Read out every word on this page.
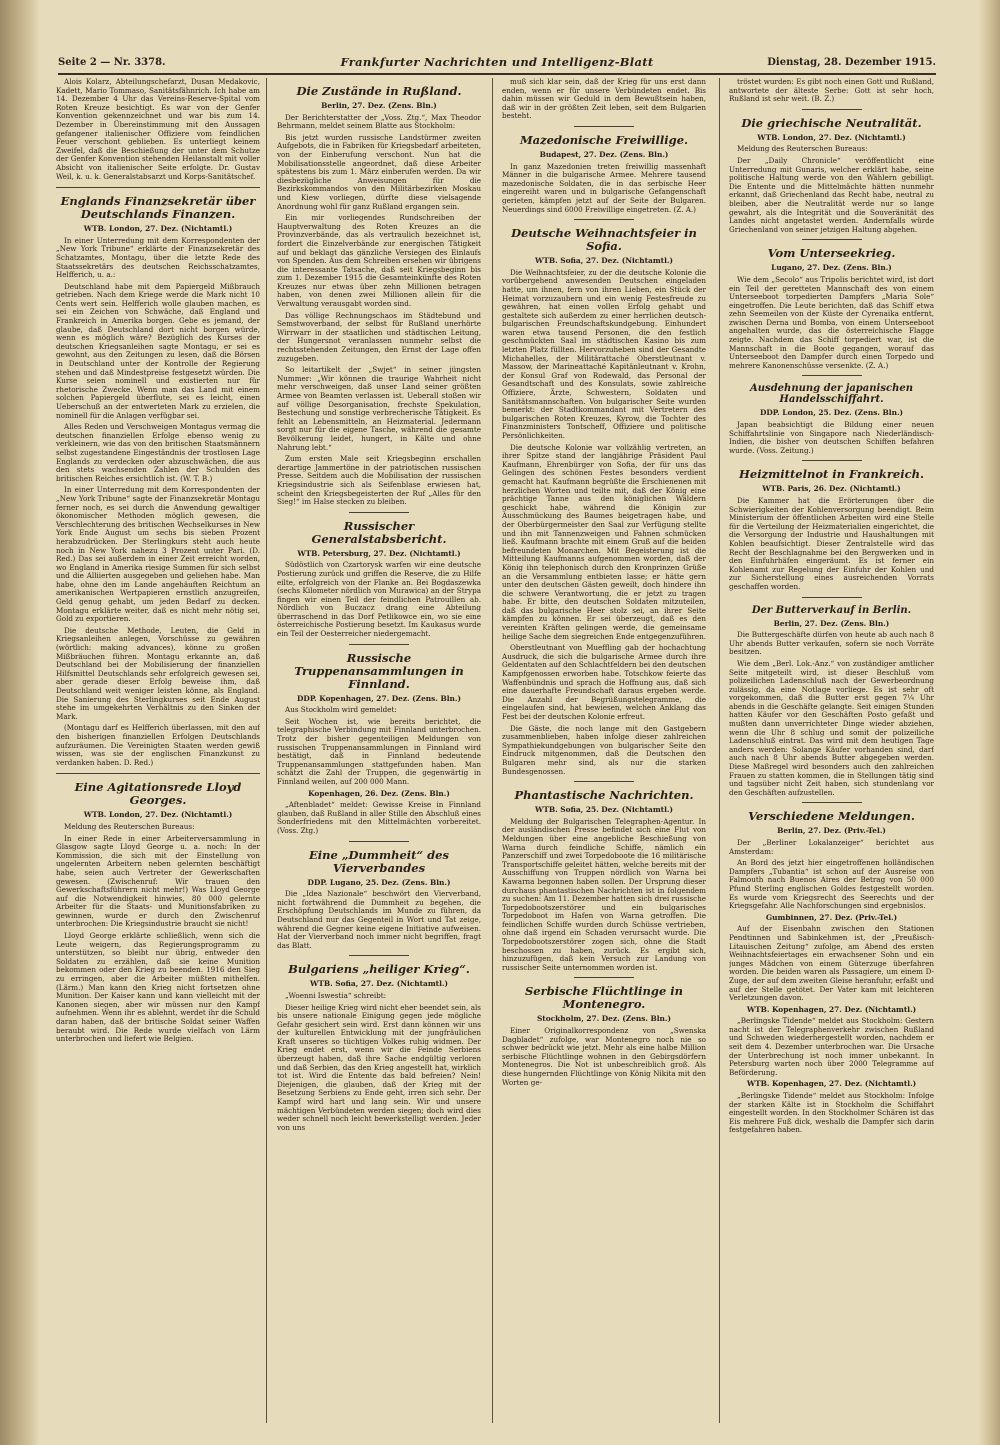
Seite 2 — Nr. 3378.	Frankfurter Nachrichten und Intelligenz-Blatt	Dienstag, 28. Dezember 1915.

Alois Kolarz, Abteilungschefarzt, Dusan Medakovic, Kadett, Mario Tommaso, Sanitätsfähnrich. Ich habe am 14. Dezember 4 Uhr das Vereins-Reserve-Spital vom Roten Kreuze besichtigt. Es war von der Genfer Konvention gekennzeichnet und war bis zum 14. Dezember in Übereinstimmung mit den Aussagen gefangener italienischer Offiziere vom feindlichen Feuer verschont geblieben. Es unterliegt keinem Zweifel, daß die Beschießung der unter dem Schutze der Genfer Konvention stehenden Heilanstalt mit voller Absicht von italienischer Seite erfolgte. Dr. Gustav Weil, k. u. k. Generalstabsarzt und Korps-Sanitätschef.

Englands Finanzsekretär über Deutschlands Finanzen.
WTB. London, 27. Dez. (Nichtamtl.)

In einer Unterredung mit dem Korrespondenten der „New York Tribune“ erklärte der Finanzsekretär des Schatzamtes, Montagu, über die letzte Rede des Staatssekretärs des deutschen Reichsschatzamtes, Helfferich, u. a.:

Deutschland habe mit dem Papiergeld Mißbrauch getrieben. Nach dem Kriege werde die Mark nicht 10 Cents wert sein. Helfferich wolle glauben machen, es sei ein Zeichen von Schwäche, daß England und Frankreich in Amerika borgen. Gebe es jemand, der glaube, daß Deutschland dort nicht borgen würde, wenn es möglich wäre? Bezüglich des Kurses der deutschen Kriegsanleihen sagte Montagu, er sei es gewohnt, aus den Zeitungen zu lesen, daß die Börsen in Deutschland unter der Kontrolle der Regierung stehen und daß Mindestpreise festgesetzt würden. Die Kurse seien nominell und existierten nur für rhetorische Zwecke. Wenn man das Land mit einem solchen Papiergeld überflute, sei es leicht, einen Ueberschuß an der entwerteten Mark zu erzielen, die nominell für die Anlagen verfügbar sei.

Alles Reden und Verschweigen Montagus vermag die deutschen finanziellen Erfolge ebenso wenig zu verkleinern, wie das von den britischen Staatsmännern selbst zugestandene Eingeständnis der trostlosen Lage Englands zu verdecken oder abzuschwächen, die aus den stets wachsenden Zahlen der Schulden des britischen Reiches ersichtlich ist. (W. T. B.)

In einer Unterredung mit dem Korrespondenten der „New York Tribune“ sagte der Finanzsekretär Montagu ferner noch, es sei durch die Anwendung gewaltiger ökonomischer Methoden möglich gewesen, die Verschlechterung des britischen Wechselkurses in New York Ende August um sechs bis sieben Prozent herabzudrücken. Der Sterlingkurs steht auch heute noch in New York nahezu 3 Prozent unter Pari. (D. Red.) Das sei außerdem in einer Zeit erreicht worden, wo England in Amerika riesige Summen für sich selbst und die Alliierten ausgegeben und geliehen habe. Man habe, ohne den im Lande angehäuften Reichtum an amerikanischen Wertpapieren ernstlich anzugreifen, Geld genug gehabt, um jeden Bedarf zu decken. Montagu erklärte weiter, daß es nicht mehr nötig sei, Gold zu exportieren.

Die deutsche Methode, Leuten, die Geld in Kriegsanleihen anlegen, Vorschüsse zu gewähren (wörtlich: making advances), könne zu großen Mißbräuchen führen. Montagu erkannte an, daß Deutschland bei der Mobilisierung der finanziellen Hilfsmittel Deutschlands sehr erfolgreich gewesen sei, aber gerade dieser Erfolg beweise ihm, daß Deutschland weit weniger leisten könne, als England. Die Sanierung des Sterlingkurses seit Ende August stehe im umgekehrten Verhältnis zu den Sinken der Mark.

(Montagu darf es Helfferich überlassen, mit den auf den bisherigen finanziellen Erfolgen Deutschlands aufzuräumen. Die Vereinigten Staaten werden gewiß wissen, was sie der englischen Finanzkunst zu verdanken haben. D. Red.)

Eine Agitationsrede Lloyd Georges.
WTB. London, 27. Dez. (Nichtamtl.)

Meldung des Reuterschen Bureaus:

In einer Rede in einer Arbeiterversammlung in Glasgow sagte Lloyd George u. a. noch: In der Kommission, die sich mit der Einstellung von ungelernten Arbeitern neben gelernten beschäftigt habe, seien auch Vertreter der Gewerkschaften gewesen. (Zwischenruf: Wir trauen den Gewerkschaftsführern nicht mehr!) Was Lloyd George auf die Notwendigkeit hinwies, 80 000 gelernte Arbeiter für die Staats- und Munitionsfabriken zu gewinnen, wurde er durch den Zwischenruf unterbrochen: Die Kriegsindustrie braucht sie nicht!

Lloyd George erklärte schließlich, wenn sich die Leute weigern, das Regierungsprogramm zu unterstützen, so bleibt nur übrig, entweder den Soldaten zu erzählen, daß sie keine Munition bekommen oder den Krieg zu beenden. 1916 den Sieg zu erringen, aber die Arbeiter müßten mithelfen. (Lärm.) Man kann den Krieg nicht fortsetzen ohne Munition. Der Kaiser kann und kann vielleicht mit der Kanonen siegen, aber wir müssen nur den Kampf aufnehmen. Wenn ihr es ablehnt, werdet ihr die Schuld daran haben, daß der britische Soldat seiner Waffen beraubt wird. Die Rede wurde vielfach von Lärm unterbrochen und liefert wie Belgien.

Die Zustände in Rußland.
Berlin, 27. Dez. (Zens. Bln.)

Der Berichterstatter der „Voss. Ztg.“, Max Theodor Behrmann, meldet seinem Blatte aus Stockholm:

Bis jetzt wurden russische Landstürmer zweiten Aufgebots, die in Fabriken für Kriegsbedarf arbeiteten, von der Einberufung verschont. Nun hat die Mobilisationsstelle angeordnet, daß diese Arbeiter spätestens bis zum 1. März einberufen werden. Da wir diesbezügliche Anweisungen für die Bezirkskommandos von den Militärbezirken Moskau und Kiew vorliegen, dürfte diese vielsagende Anordnung wohl für ganz Rußland ergangen sein.

Ein mir vorliegendes Rundschreiben der Hauptverwaltung des Roten Kreuzes an die Provinzverbände, das als vertraulich bezeichnet ist, fordert die Einzelverbände zur energischen Tätigkeit auf und beklagt das gänzliche Versiegen des Einlaufs von Spenden. Aus dem Schreiben ersehen wir übrigens die interessante Tatsache, daß seit Kriegsbeginn bis zum 1. Dezember 1915 die Gesamteinkünfte des Roten Kreuzes nur etwas über zehn Millionen betragen haben, von denen zwei Millionen allein für die Verwaltung verausgabt worden sind.

Das völlige Rechnungschaos im Städtebund und Semstwoverband, der selbst für Rußland unerhörte Wirrwarr in der staatlichen und städtischen Leitung, der Hungersnot veranlassen nunmehr selbst die rechtsstehenden Zeitungen, den Ernst der Lage offen zuzugeben.

So leitartikelt der „Swjet“ in seiner jüngsten Nummer: „Wir können die traurige Wahrheit nicht mehr verschweigen, daß unser Land seiner größten Armee von Beamten verlassen ist. Ueberall stoßen wir auf völlige Desorganisation, frechste Spekulation, Bestechung und sonstige verbrecherische Tätigkeit. Es fehlt an Lebensmitteln, an Heizmaterial. Jedermann sorgt nur für die eigene Tasche, während die gesamte Bevölkerung leidet, hungert, in Kälte und ohne Nahrung lebt.“

Zum ersten Male seit Kriegsbeginn erschallen derartige Jammertöne in der patriotischen russischen Presse. Seitdem auch die Mobilisation der russischen Kriegsindustrie sich als Seifenblase erwiesen hat, scheint den Kriegsbegeisterten der Ruf „Alles für den Sieg!“ im Halse stecken zu bleiben.

Russischer Generalstabsbericht.
WTB. Petersburg, 27. Dez. (Nichtamtl.)

Südöstlich von Czartorysk warfen wir eine deutsche Postierung zurück und griffen die Reserve, die zu Hilfe eilte, erfolgreich von der Flanke an. Bei Bogdaszewka (sechs Kilometer nördlich von Murawica) an der Strypa fingen wir einen Teil der feindlichen Patrouillen ab. Nördlich von Buczacz drang eine Abteilung überraschend in das Dorf Petlikowce ein, wo sie eine österreichische Postierung besetzt. Im Kaukasus wurde ein Teil der Oesterreicher niedergemacht.

Russische Truppenansammlungen in Finnland.
DDP. Kopenhagen, 27. Dez. (Zens. Bln.)

Aus Stockholm wird gemeldet:

Seit Wochen ist, wie bereits berichtet, die telegraphische Verbindung mit Finnland unterbrochen. Trotz der bisher gegenteiligen Meldungen von russischen Truppenansammlungen in Finnland wird bestätigt, daß in Finnland bedeutende Truppenansammlungen stattgefunden haben. Man schätzt die Zahl der Truppen, die gegenwärtig in Finnland weilen, auf 200 000 Mann.

Kopenhagen, 26. Dez. (Zens. Bln.)

„Aftenbladet“ meldet: Gewisse Kreise in Finnland glauben, daß Rußland in aller Stille den Abschluß eines Sonderfriedens mit den Mittelmächten vorbereitet. (Voss. Ztg.)

Eine „Dummheit“ des Vierverbandes
DDP. Lugano, 25. Dez. (Zens. Bln.)

Die „Idea Nazionale“ beschwört den Vierverband, nicht fortwährend die Dummheit zu begehen, die Erschöpfung Deutschlands im Munde zu führen, da Deutschland nur das Gegenteil in Wort und Tat zeige, während die Gegner keine eigene Initiative aufweisen. Hat der Vierverband noch immer nicht begriffen, fragt das Blatt.

Bulgariens „heiliger Krieg“.
WTB. Sofia, 27. Dez. (Nichtamtl.)

„Woenni Iswestia“ schreibt:

Dieser heilige Krieg wird nicht eher beendet sein, als bis unsere nationale Einigung gegen jede mögliche Gefahr gesichert sein wird. Erst dann können wir uns der kulturellen Entwicklung mit der jungfräulichen Kraft unseres so tüchtigen Volkes ruhig widmen. Der Krieg endet erst, wenn wir die Feinde Serbiens überzeugt haben, daß ihre Sache endgültig verloren und daß Serbien, das den Krieg angestellt hat, wirklich tot ist. Wird die Entente das bald befreien? Nein! Diejenigen, die glauben, daß der Krieg mit der Besetzung Serbiens zu Ende geht, irren sich sehr. Der Kampf wird hart und lang sein. Wir und unsere mächtigen Verbündeten werden siegen; doch wird dies weder schnell noch leicht bewerkstelligt werden. Jeder von uns

muß sich klar sein, daß der Krieg für uns erst dann enden, wenn er für unsere Verbündeten endet. Bis dahin müssen wir Geduld in dem Bewußtsein haben, daß wir in der größten Zeit leben, seit dem Bulgarien besteht.

Mazedonische Freiwillige.
Budapest, 27. Dez. (Zens. Bln.)

In ganz Mazedonien treten freiwillig massenhaft Männer in die bulgarische Armee. Mehrere tausend mazedonische Soldaten, die in das serbische Heer eingereiht waren und in bulgarische Gefangenschaft gerieten, kämpfen jetzt auf der Seite der Bulgaren. Neuerdings sind 6000 Freiwillige eingetreten. (Z. A.)

Deutsche Weihnachtsfeier in Sofia.
WTB. Sofia, 27. Dez. (Nichtamtl.)

Die Weihnachtsfeier, zu der die deutsche Kolonie die vorübergehend anwesenden Deutschen eingeladen hatte, um ihnen, fern von ihren Lieben, ein Stück der Heimat vorzuzaubern und ein wenig Festesfreude zu gewähren, hat einen vollen Erfolg gehabt und gestaltete sich außerdem zu einer herrlichen deutsch-bulgarischen Freundschaftskundgebung. Einhundert waren etwa tausend Personen, die den festlich geschmückten Saal im städtischen Kasino bis zum letzten Platz füllten. Hervorzuheben sind der Gesandte Michahelles, der Militärattaché Oberstleutnant v. Massow, der Marineattaché Kapitänleutnant v. Krohn, der Konsul Graf von Rodewald, das Personal der Gesandtschaft und des Konsulats, sowie zahlreiche Offiziere, Ärzte, Schwestern, Soldaten und Sanitätsmannschaften. Von bulgarischer Seite wurden bemerkt: der Stadtkommandant mit Vertretern des bulgarischen Roten Kreuzes, Kyrow, die Tochter des Finanzministers Tontscheff, Offiziere und politische Persönlichkeiten.

Die deutsche Kolonie war vollzählig vertreten, an ihrer Spitze stand der langjährige Präsident Paul Kaufmann, Ehrenbürger von Sofia, der für uns das Gelingen des schönen Festes besonders verdient gemacht hat. Kaufmann begrüßte die Erschienenen mit herzlichen Worten und teilte mit, daß der König eine prächtige Tanne aus den königlichen Wäldern geschickt habe, während die Königin zur Ausschmückung des Baumes beigetragen habe, und der Oberbürgermeister den Saal zur Verfügung stellte und ihn mit Tannenzweigen und Fahnen schmücken ließ. Kaufmann brachte mit einem Gruß auf die beiden befreundeten Monarchen. Mit Begeisterung ist die Mitteilung Kaufmanns aufgenommen worden, daß der König ihn telephonisch durch den Kronprinzen Grüße an die Versammlung entbieten lasse; er hätte gern unter den deutschen Gästen geweilt, doch hindere ihn die schwere Verantwortung, die er jetzt zu tragen habe. Er bitte, den deutschen Soldaten mitzuteilen, daß das bulgarische Heer stolz sei, an ihrer Seite kämpfen zu können. Er sei überzeugt, daß es den vereinten Kräften gelingen werde, die gemeinsame heilige Sache dem siegreichen Ende entgegenzuführen.

Oberstleutnant von Mueffling gab der hochachtung Ausdruck, die sich die bulgarische Armee durch ihre Geldentaten auf den Schlachtfeldern bei den deutschen Kampfgenossen erworben habe. Totschkow feierte das Waffenbündnis und sprach die Hoffnung aus, daß sich eine dauerhafte Freundschaft daraus ergeben werde. Die Anzahl der Begrüßungstelegramme, die eingelaufen sind, hat bewiesen, welchen Anklang das Fest bei der deutschen Kolonie erfreut.

Die Gäste, die noch lange mit den Gastgebern zusammenblieben, haben infolge dieser zahlreichen Sympathiekundgebungen von bulgarischer Seite den Eindruck mitgenommen, daß die Deutschen den Bulgaren mehr sind, als nur die starken Bundesgenossen.

Phantastische Nachrichten.
WTB. Sofia, 25. Dez. (Nichtamtl.)

Meldung der Bulgarischen Telegraphen-Agentur. In der ausländischen Presse befindet sich eine Flut von Meldungen über eine angebliche Beschießung von Warna durch feindliche Schiffe, nämlich ein Panzerschiff und zwei Torpedoboote die 16 militärische Transportschiffe geleitet hätten, welche bereits mit der Ausschiffung von Truppen nördlich von Warna bei Kawarna begonnen haben sollen. Der Ursprung dieser durchaus phantastischen Nachrichten ist in folgendem zu suchen: Am 11. Dezember hatten sich drei russische Torpedobootszerstörer und ein bulgarisches Torpedoboot im Hafen von Warna getroffen. Die feindlichen Schiffe wurden durch Schüsse vertrieben, ohne daß irgend ein Schaden verursacht wurde. Die Torpedobootszerstörer zogen sich, ohne die Stadt beschossen zu haben, zurück. Es ergibt sich, hinzuzufügen, daß kein Versuch zur Landung von russischer Seite unternommen worden ist.

Serbische Flüchtlinge in Montenegro.
Stockholm, 27. Dez. (Zens. Bln.)

Einer Originalkorrespondenz von „Swenska Dagbladet“ zufolge, war Montenegro noch nie so schwer bedrückt wie jetzt. Mehr als eine halbe Million serbische Flüchtlinge wohnen in den Gebirgsdörfern Montenegros. Die Not ist unbeschreiblich groß. Als diese hungernden Flüchtlinge von König Nikita mit den Worten ge-

tröstet wurden: Es gibt noch einen Gott und Rußland, antwortete der älteste Serbe: Gott ist sehr hoch, Rußland ist sehr weit. (B. Z.)

Die griechische Neutralität.
WTB. London, 27. Dez. (Nichtamtl.)

Meldung des Reuterschen Bureaus:

Der „Daily Chronicle“ veröffentlicht eine Unterredung mit Gunaris, welcher erklärt habe, seine politische Haltung werde von den Wählern gebilligt. Die Entente und die Mittelmächte hätten nunmehr erkannt, daß Griechenland das Recht habe, neutral zu bleiben, aber die Neutralität werde nur so lange gewahrt, als die Integrität und die Souveränität des Landes nicht angetastet werden. Andernfalls würde Griechenland von seiner jetzigen Haltung abgehen.

Vom Unterseekrieg.
Lugano, 27. Dez. (Zens. Bln.)

Wie dem „Secolo“ aus Tripolis berichtet wird, ist dort ein Teil der geretteten Mannschaft des von einem Unterseeboot torpedierten Dampfers „Maria Sole“ eingetroffen. Die Leute berichten, daß das Schiff etwa zehn Seemeilen von der Küste der Cyrenaika entfernt, zwischen Derna und Bomba, von einem Unterseeboot angehalten wurde, das die österreichische Flagge zeigte. Nachdem das Schiff torpediert war, ist die Mannschaft in die Boote gegangen, worauf das Unterseeboot den Dampfer durch einen Torpedo und mehrere Kanonenschüsse versenkte. (Z. A.)

Ausdehnung der japanischen Handelsschiffahrt.
DDP. London, 25. Dez. (Zens. Bln.)

Japan beabsichtigt die Bildung einer neuen Schiffahrtslinie von Singapore nach Niederländisch-Indien, die bisher von deutschen Schiffen befahren wurde. (Voss. Zeitung.)

Heizmittelnot in Frankreich.
WTB. Paris, 26. Dez. (Nichtamtl.)

Die Kammer hat die Erörterungen über die Schwierigkeiten der Kohlenversorgung beendigt. Beim Ministerium der öffentlichen Arbeiten wird eine Stelle für die Verteilung der Heizmaterialien eingerichtet, die die Versorgung der Industrie und Haushaltungen mit Kohlen beaufsichtigt. Dieser Zentralstelle wird das Recht der Beschlagnahme bei den Bergwerken und in den Einfuhrhäfen eingeräumt. Es ist ferner ein Kohlenamt zur Regelung der Einfuhr der Kohlen und zur Sicherstellung eines ausreichenden Vorrats geschaffen worden.

Der Butterverkauf in Berlin.
Berlin, 27. Dez. (Zens. Bln.)

Die Buttergeschäfte dürfen von heute ab auch nach 8 Uhr abends Butter verkaufen, sofern sie noch Vorräte besitzen.

Wie dem „Berl. Lok.-Anz.“ von zuständiger amtlicher Seite mitgeteilt wird, ist dieser Beschluß vom polizeilichen Ladenschluß nach der Gewerbeordnung zulässig, da eine Notlage vorliege. Es ist sehr oft vorgekommen, daß die Butter erst gegen 7¼ Uhr abends in die Geschäfte gelangte. Seit einigen Stunden hatten Käufer vor den Geschäften Posto gefaßt und mußten dann unverrichteter Dinge wieder abziehen, wenn die Uhr 8 schlug und somit der polizeiliche Ladenschluß eintrat. Das wird mit dem heutigen Tage anders werden: Solange Käufer vorhanden sind, darf auch nach 8 Uhr abends Butter abgegeben werden. Diese Maßregel wird besonders auch den zahlreichen Frauen zu statten kommen, die in Stellungen tätig sind und tagsüber nicht Zeit haben, sich stundenlang vor den Geschäften aufzustellen.

Verschiedene Meldungen.
Berlin, 27. Dez. (Priv.-Tel.)

Der „Berliner Lokalanzeiger“ berichtet aus Amsterdam:

An Bord des jetzt hier eingetroffenen holländischen Dampfers „Tubantia“ ist schon auf der Ausreise von Falmouth nach Buenos Aires der Betrag von 50 000 Pfund Sterling englischen Goldes festgestellt worden. Es wurde vom Kriegsrecht des Seerechts und der Kriegsgefahr. Alle Nachforschungen sind ergebnislos.

Gumbinnen, 27. Dez. (Priv.-Tel.)

Auf der Eisenbahn zwischen den Stationen Pendtinnen und Sabinkehmen ist, der „Preußisch-Litauischen Zeitung“ zufolge, am Abend des ersten Weihnachtsfeiertages ein erwachsener Sohn und ein junges Mädchen von einem Güterzuge überfahren worden. Die beiden waren als Passagiere, um einem D-Zuge, der auf dem zweiten Gleise heranfuhr, erfaßt und auf der Stelle getötet. Der Vater kam mit leichteren Verletzungen davon.

WTB. Kopenhagen, 27. Dez. (Nichtamtl.)

„Berlingske Tidende“ meldet aus Stockholm: Gestern nacht ist der Telegraphenverkehr zwischen Rußland und Schweden wiederhergestellt worden, nachdem er seit dem 4. Dezember unterbrochen war. Die Ursache der Unterbrechung ist noch immer unbekannt. In Petersburg warten noch über 2000 Telegramme auf Beförderung.

WTB. Kopenhagen, 27. Dez. (Nichtamtl.)

„Berlingske Tidende“ meldet aus Stockholm: Infolge der starken Kälte ist in Stockholm die Schiffahrt eingestellt worden. In den Stockholmer Schären ist das Eis mehrere Fuß dick, weshalb die Dampfer sich darin festgefahren haben.
